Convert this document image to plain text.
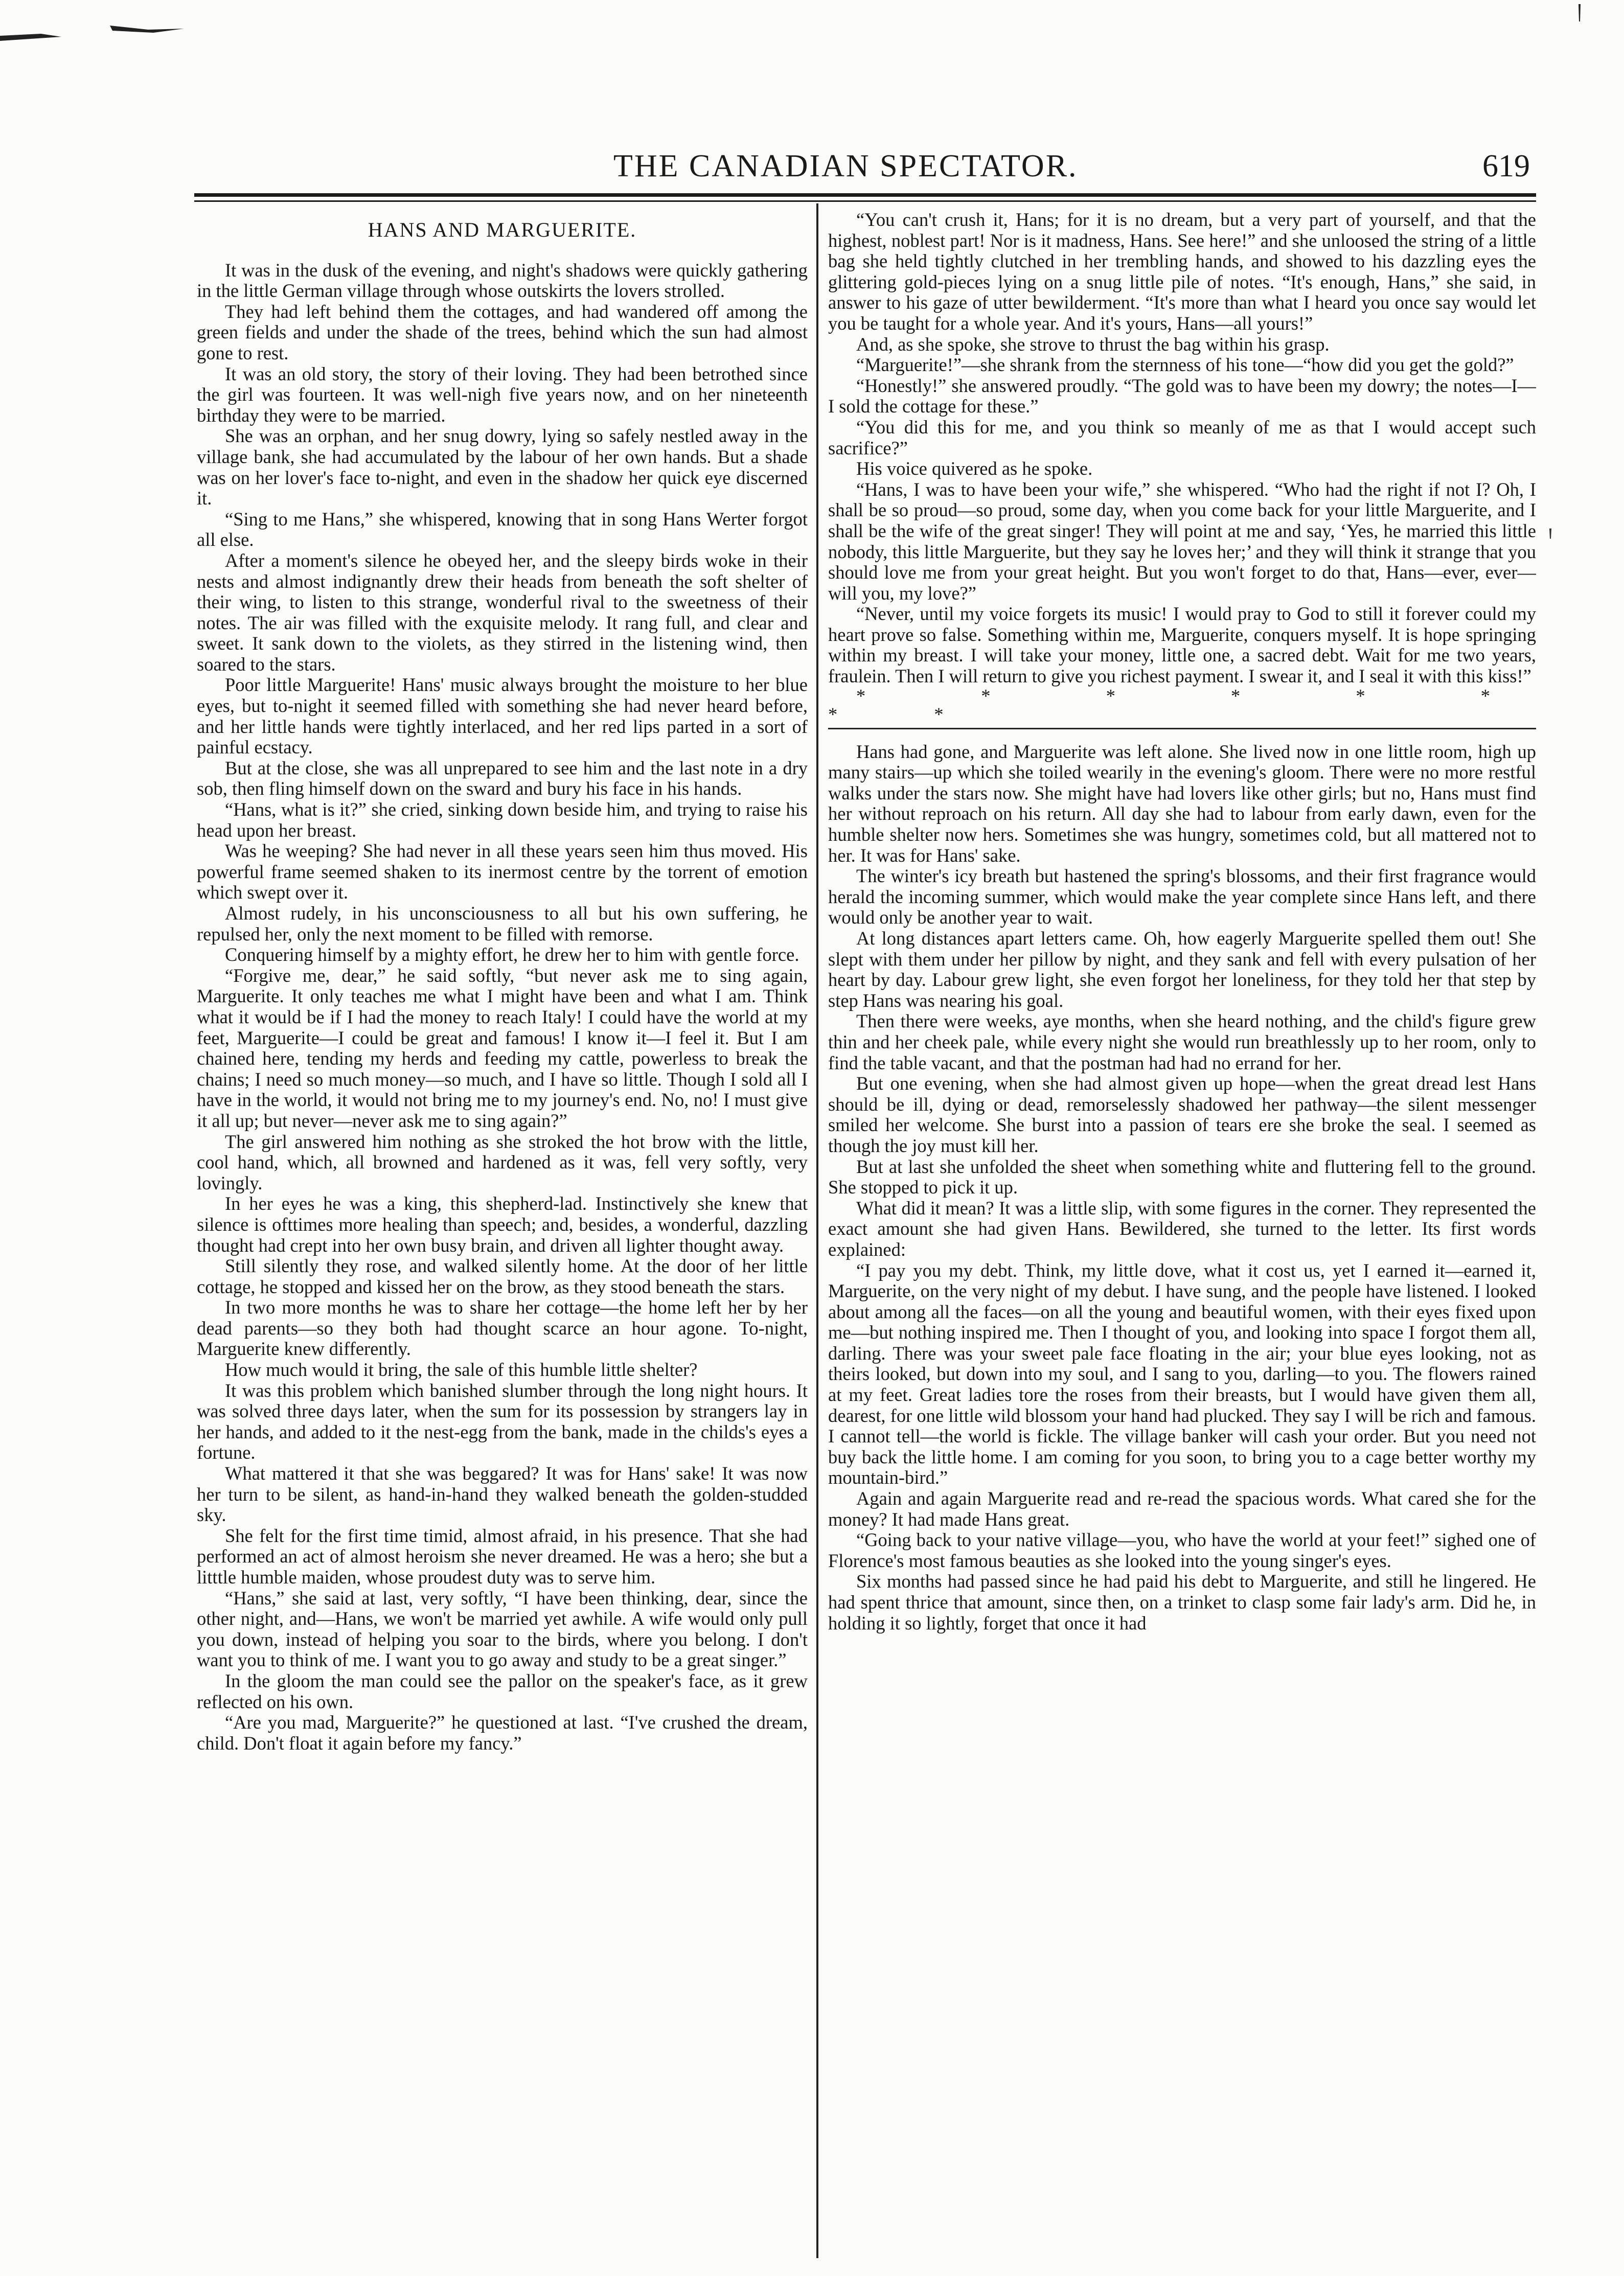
THE CANADIAN SPECTATOR.	619
HANS AND MARGUERITE.

It was in the dusk of the evening, and night's shadows were quickly gathering in the little German village through whose outskirts the lovers strolled.

They had left behind them the cottages, and had wandered off among the green fields and under the shade of the trees, behind which the sun had almost gone to rest.

It was an old story, the story of their loving. They had been betrothed since the girl was fourteen. It was well-nigh five years now, and on her nineteenth birthday they were to be married.

She was an orphan, and her snug dowry, lying so safely nestled away in the village bank, she had accumulated by the labour of her own hands. But a shade was on her lover's face to-night, and even in the shadow her quick eye discerned it.

“Sing to me Hans,” she whispered, knowing that in song Hans Werter forgot all else.

After a moment's silence he obeyed her, and the sleepy birds woke in their nests and almost indignantly drew their heads from beneath the soft shelter of their wing, to listen to this strange, wonderful rival to the sweetness of their notes. The air was filled with the exquisite melody. It rang full, and clear and sweet. It sank down to the violets, as they stirred in the listening wind, then soared to the stars.

Poor little Marguerite! Hans' music always brought the moisture to her blue eyes, but to-night it seemed filled with something she had never heard before, and her little hands were tightly interlaced, and her red lips parted in a sort of painful ecstacy.

But at the close, she was all unprepared to see him and the last note in a dry sob, then fling himself down on the sward and bury his face in his hands.

“Hans, what is it?” she cried, sinking down beside him, and trying to raise his head upon her breast.

Was he weeping? She had never in all these years seen him thus moved. His powerful frame seemed shaken to its inermost centre by the torrent of emotion which swept over it.

Almost rudely, in his unconsciousness to all but his own suffering, he repulsed her, only the next moment to be filled with remorse.

Conquering himself by a mighty effort, he drew her to him with gentle force.

“Forgive me, dear,” he said softly, “but never ask me to sing again, Marguerite. It only teaches me what I might have been and what I am. Think what it would be if I had the money to reach Italy! I could have the world at my feet, Marguerite—I could be great and famous! I know it—I feel it. But I am chained here, tending my herds and feeding my cattle, powerless to break the chains; I need so much money—so much, and I have so little. Though I sold all I have in the world, it would not bring me to my journey's end. No, no! I must give it all up; but never—never ask me to sing again?”

The girl answered him nothing as she stroked the hot brow with the little, cool hand, which, all browned and hardened as it was, fell very softly, very lovingly.

In her eyes he was a king, this shepherd-lad. Instinctively she knew that silence is ofttimes more healing than speech; and, besides, a wonderful, dazzling thought had crept into her own busy brain, and driven all lighter thought away.

Still silently they rose, and walked silently home. At the door of her little cottage, he stopped and kissed her on the brow, as they stood beneath the stars.

In two more months he was to share her cottage—the home left her by her dead parents—so they both had thought scarce an hour agone. To-night, Marguerite knew differently.

How much would it bring, the sale of this humble little shelter?

It was this problem which banished slumber through the long night hours. It was solved three days later, when the sum for its possession by strangers lay in her hands, and added to it the nest-egg from the bank, made in the childs's eyes a fortune.

What mattered it that she was beggared? It was for Hans' sake! It was now her turn to be silent, as hand-in-hand they walked beneath the golden-studded sky.

She felt for the first time timid, almost afraid, in his presence. That she had performed an act of almost heroism she never dreamed. He was a hero; she but a litttle humble maiden, whose proudest duty was to serve him.

“Hans,” she said at last, very softly, “I have been thinking, dear, since the other night, and—Hans, we won't be married yet awhile. A wife would only pull you down, instead of helping you soar to the birds, where you belong. I don't want you to think of me. I want you to go away and study to be a great singer.”

In the gloom the man could see the pallor on the speaker's face, as it grew reflected on his own.

“Are you mad, Marguerite?” he questioned at last. “I've crushed the dream, child. Don't float it again before my fancy.”

“You can't crush it, Hans; for it is no dream, but a very part of yourself, and that the highest, noblest part! Nor is it madness, Hans. See here!” and she unloosed the string of a little bag she held tightly clutched in her trembling hands, and showed to his dazzling eyes the glittering gold-pieces lying on a snug little pile of notes. “It's enough, Hans,” she said, in answer to his gaze of utter bewilderment. “It's more than what I heard you once say would let you be taught for a whole year. And it's yours, Hans—all yours!”

And, as she spoke, she strove to thrust the bag within his grasp.

“Marguerite!”—she shrank from the sternness of his tone—“how did you get the gold?”

“Honestly!” she answered proudly. “The gold was to have been my dowry; the notes—I—I sold the cottage for these.”

“You did this for me, and you think so meanly of me as that I would accept such sacrifice?”

His voice quivered as he spoke.

“Hans, I was to have been your wife,” she whispered. “Who had the right if not I? Oh, I shall be so proud—so proud, some day, when you come back for your little Marguerite, and I shall be the wife of the great singer! They will point at me and say, ‘Yes, he married this little nobody, this little Marguerite, but they say he loves her;’ and they will think it strange that you should love me from your great height. But you won't forget to do that, Hans—ever, ever—will you, my love?”

“Never, until my voice forgets its music! I would pray to God to still it forever could my heart prove so false. Something within me, Marguerite, conquers myself. It is hope springing within my breast. I will take your money, little one, a sacred debt. Wait for me two years, fraulein. Then I will return to give you richest payment. I swear it, and I seal it with this kiss!”

* * * * * * * *

Hans had gone, and Marguerite was left alone. She lived now in one little room, high up many stairs—up which she toiled wearily in the evening's gloom. There were no more restful walks under the stars now. She might have had lovers like other girls; but no, Hans must find her without reproach on his return. All day she had to labour from early dawn, even for the humble shelter now hers. Sometimes she was hungry, sometimes cold, but all mattered not to her. It was for Hans' sake.

The winter's icy breath but hastened the spring's blossoms, and their first fragrance would herald the incoming summer, which would make the year complete since Hans left, and there would only be another year to wait.

At long distances apart letters came. Oh, how eagerly Marguerite spelled them out! She slept with them under her pillow by night, and they sank and fell with every pulsation of her heart by day. Labour grew light, she even forgot her loneliness, for they told her that step by step Hans was nearing his goal.

Then there were weeks, aye months, when she heard nothing, and the child's figure grew thin and her cheek pale, while every night she would run breathlessly up to her room, only to find the table vacant, and that the postman had had no errand for her.

But one evening, when she had almost given up hope—when the great dread lest Hans should be ill, dying or dead, remorselessly shadowed her pathway—the silent messenger smiled her welcome. She burst into a passion of tears ere she broke the seal. I seemed as though the joy must kill her.

But at last she unfolded the sheet when something white and fluttering fell to the ground. She stopped to pick it up.

What did it mean? It was a little slip, with some figures in the corner. They represented the exact amount she had given Hans. Bewildered, she turned to the letter. Its first words explained:

“I pay you my debt. Think, my little dove, what it cost us, yet I earned it—earned it, Marguerite, on the very night of my debut. I have sung, and the people have listened. I looked about among all the faces—on all the young and beautiful women, with their eyes fixed upon me—but nothing inspired me. Then I thought of you, and looking into space I forgot them all, darling. There was your sweet pale face floating in the air; your blue eyes looking, not as theirs looked, but down into my soul, and I sang to you, darling—to you. The flowers rained at my feet. Great ladies tore the roses from their breasts, but I would have given them all, dearest, for one little wild blossom your hand had plucked. They say I will be rich and famous. I cannot tell—the world is fickle. The village banker will cash your order. But you need not buy back the little home. I am coming for you soon, to bring you to a cage better worthy my mountain-bird.”

Again and again Marguerite read and re-read the spacious words. What cared she for the money? It had made Hans great.

“Going back to your native village—you, who have the world at your feet!” sighed one of Florence's most famous beauties as she looked into the young singer's eyes.

Six months had passed since he had paid his debt to Marguerite, and still he lingered. He had spent thrice that amount, since then, on a trinket to clasp some fair lady's arm. Did he, in holding it so lightly, forget that once it had
